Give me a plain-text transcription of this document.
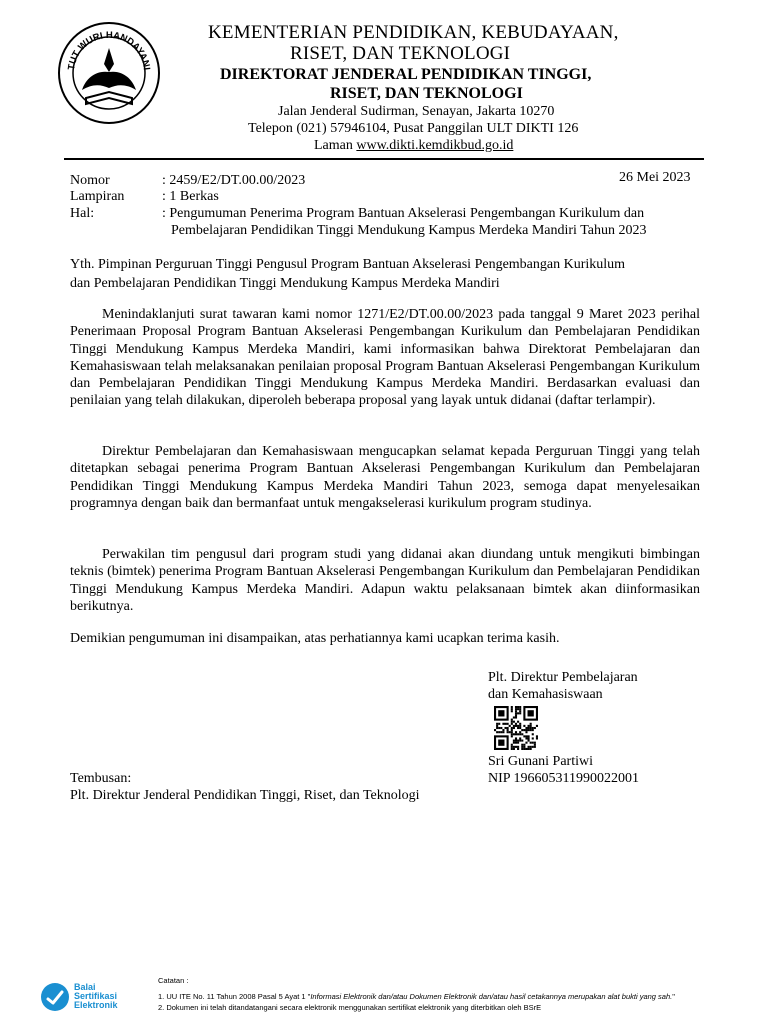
TUT WURI HANDAYANI
KEMENTERIAN PENDIDIKAN, KEBUDAYAAN,
RISET, DAN TEKNOLOGI
DIREKTORAT JENDERAL PENDIDIKAN TINGGI,
RISET, DAN TEKNOLOGI
Jalan Jenderal Sudirman, Senayan, Jakarta 10270
Telepon (021) 57946104, Pusat Panggilan ULT DIKTI 126
Laman www.dikti.kemdikbud.go.id
Nomor	: 2459/E2/DT.00.00/2023	26 Mei 2023
Lampiran	: 1 Berkas
Hal:	: Pengumuman Penerima Program Bantuan Akselerasi Pengembangan Kurikulum dan
Pembelajaran Pendidikan Tinggi Mendukung Kampus Merdeka Mandiri Tahun 2023
Yth. Pimpinan Perguruan Tinggi Pengusul Program Bantuan Akselerasi Pengembangan Kurikulum
dan Pembelajaran Pendidikan Tinggi Mendukung Kampus Merdeka Mandiri
Menindaklanjuti surat tawaran kami nomor 1271/E2/DT.00.00/2023 pada tanggal 9 Maret 2023 perihal Penerimaan Proposal Program Bantuan Akselerasi Pengembangan Kurikulum dan Pembelajaran Pendidikan Tinggi Mendukung Kampus Merdeka Mandiri, kami informasikan bahwa Direktorat Pembelajaran dan Kemahasiswaan telah melaksanakan penilaian proposal Program Bantuan Akselerasi Pengembangan Kurikulum dan Pembelajaran Pendidikan Tinggi Mendukung Kampus Merdeka Mandiri. Berdasarkan evaluasi dan penilaian yang telah dilakukan, diperoleh beberapa proposal yang layak untuk didanai (daftar terlampir).
Direktur Pembelajaran dan Kemahasiswaan mengucapkan selamat kepada Perguruan Tinggi yang telah ditetapkan sebagai penerima Program Bantuan Akselerasi Pengembangan Kurikulum dan Pembelajaran Pendidikan Tinggi Mendukung Kampus Merdeka Mandiri Tahun 2023, semoga dapat menyelesaikan programnya dengan baik dan bermanfaat untuk mengakselerasi kurikulum program studinya.
Perwakilan tim pengusul dari program studi yang didanai akan diundang untuk mengikuti bimbingan teknis (bimtek) penerima Program Bantuan Akselerasi Pengembangan Kurikulum dan Pembelajaran Pendidikan Tinggi Mendukung Kampus Merdeka Mandiri. Adapun waktu pelaksanaan bimtek akan diinformasikan berikutnya.
Demikian pengumuman ini disampaikan, atas perhatiannya kami ucapkan terima kasih.
Plt. Direktur Pembelajaran
dan Kemahasiswaan
Sri Gunani Partiwi
NIP 196605311990022001
Tembusan:
Plt. Direktur Jenderal Pendidikan Tinggi, Riset, dan Teknologi
Balai
Sertifikasi
Elektronik
Catatan :
1. UU ITE No. 11 Tahun 2008 Pasal 5 Ayat 1 "Informasi Elektronik dan/atau Dokumen Elektronik dan/atau hasil cetakannya merupakan alat bukti yang sah."
2. Dokumen ini telah ditandatangani secara elektronik menggunakan sertifikat elektronik yang diterbitkan oleh BSrE
